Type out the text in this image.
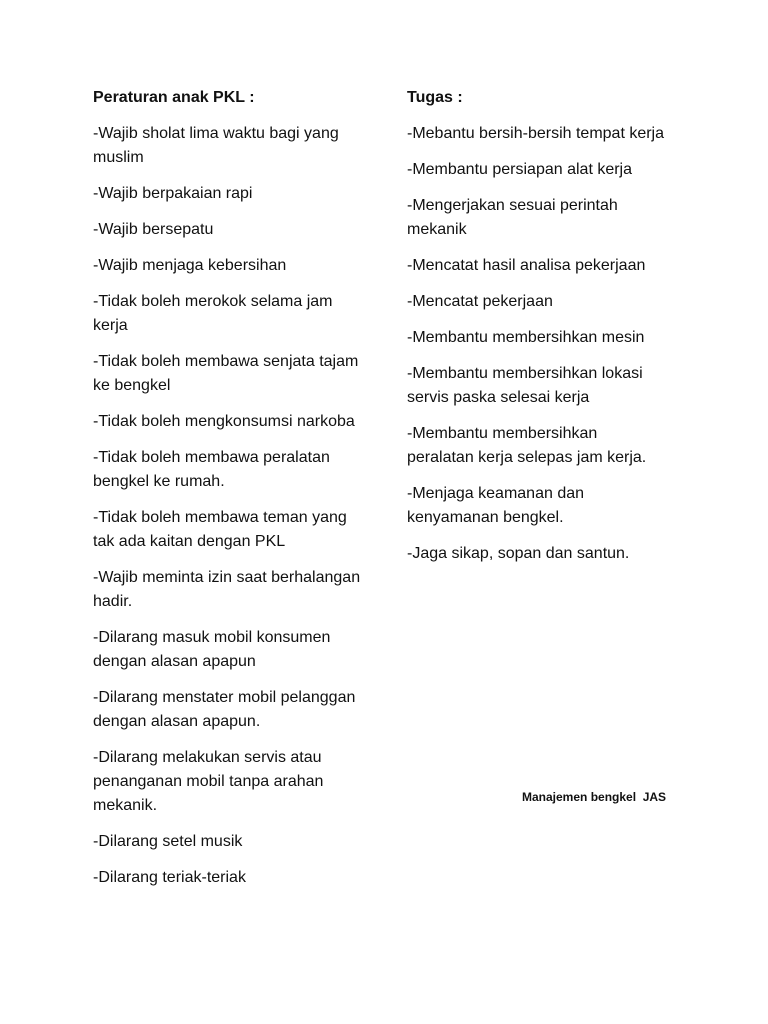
Peraturan anak PKL :
-Wajib sholat lima waktu bagi yang muslim
-Wajib berpakaian rapi
-Wajib bersepatu
-Wajib menjaga kebersihan
-Tidak boleh merokok selama jam kerja
-Tidak boleh membawa senjata tajam ke bengkel
-Tidak boleh mengkonsumsi narkoba
-Tidak boleh membawa peralatan bengkel ke rumah.
-Tidak boleh membawa teman yang tak ada kaitan dengan PKL
-Wajib meminta izin saat berhalangan hadir.
-Dilarang masuk mobil konsumen dengan alasan apapun
-Dilarang menstater mobil pelanggan dengan alasan apapun.
-Dilarang melakukan servis atau penanganan mobil tanpa arahan mekanik.
-Dilarang setel musik
-Dilarang teriak-teriak
Tugas :
-Mebantu bersih-bersih tempat kerja
-Membantu persiapan alat kerja
-Mengerjakan sesuai perintah mekanik
-Mencatat hasil analisa pekerjaan
-Mencatat pekerjaan
-Membantu membersihkan mesin
-Membantu membersihkan lokasi servis paska selesai kerja
-Membantu membersihkan peralatan kerja selepas jam kerja.
-Menjaga keamanan dan kenyamanan bengkel.
-Jaga sikap, sopan dan santun.
Manajemen bengkel  JAS
